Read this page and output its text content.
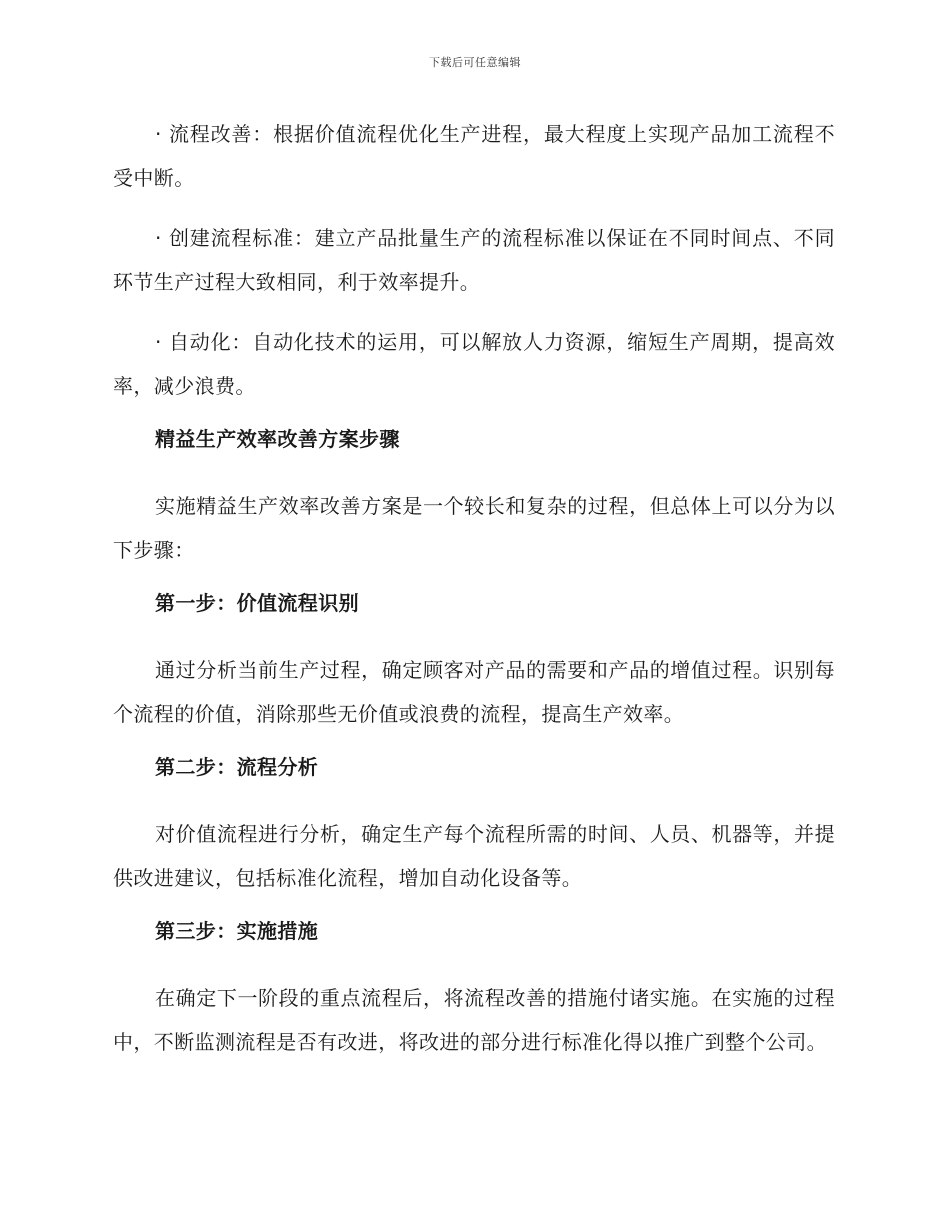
下载后可任意编辑

· 流程改善：根据价值流程优化生产进程，最大程度上实现产品加工流程不受中断。

· 创建流程标准：建立产品批量生产的流程标准以保证在不同时间点、不同环节生产过程大致相同，利于效率提升。

· 自动化：自动化技术的运用，可以解放人力资源，缩短生产周期，提高效率，减少浪费。

精益生产效率改善方案步骤

实施精益生产效率改善方案是一个较长和复杂的过程，但总体上可以分为以下步骤：

第一步：价值流程识别

通过分析当前生产过程，确定顾客对产品的需要和产品的增值过程。识别每个流程的价值，消除那些无价值或浪费的流程，提高生产效率。

第二步：流程分析

对价值流程进行分析，确定生产每个流程所需的时间、人员、机器等，并提供改进建议，包括标准化流程，增加自动化设备等。

第三步：实施措施

在确定下一阶段的重点流程后，将流程改善的措施付诸实施。在实施的过程中，不断监测流程是否有改进，将改进的部分进行标准化得以推广到整个公司。
